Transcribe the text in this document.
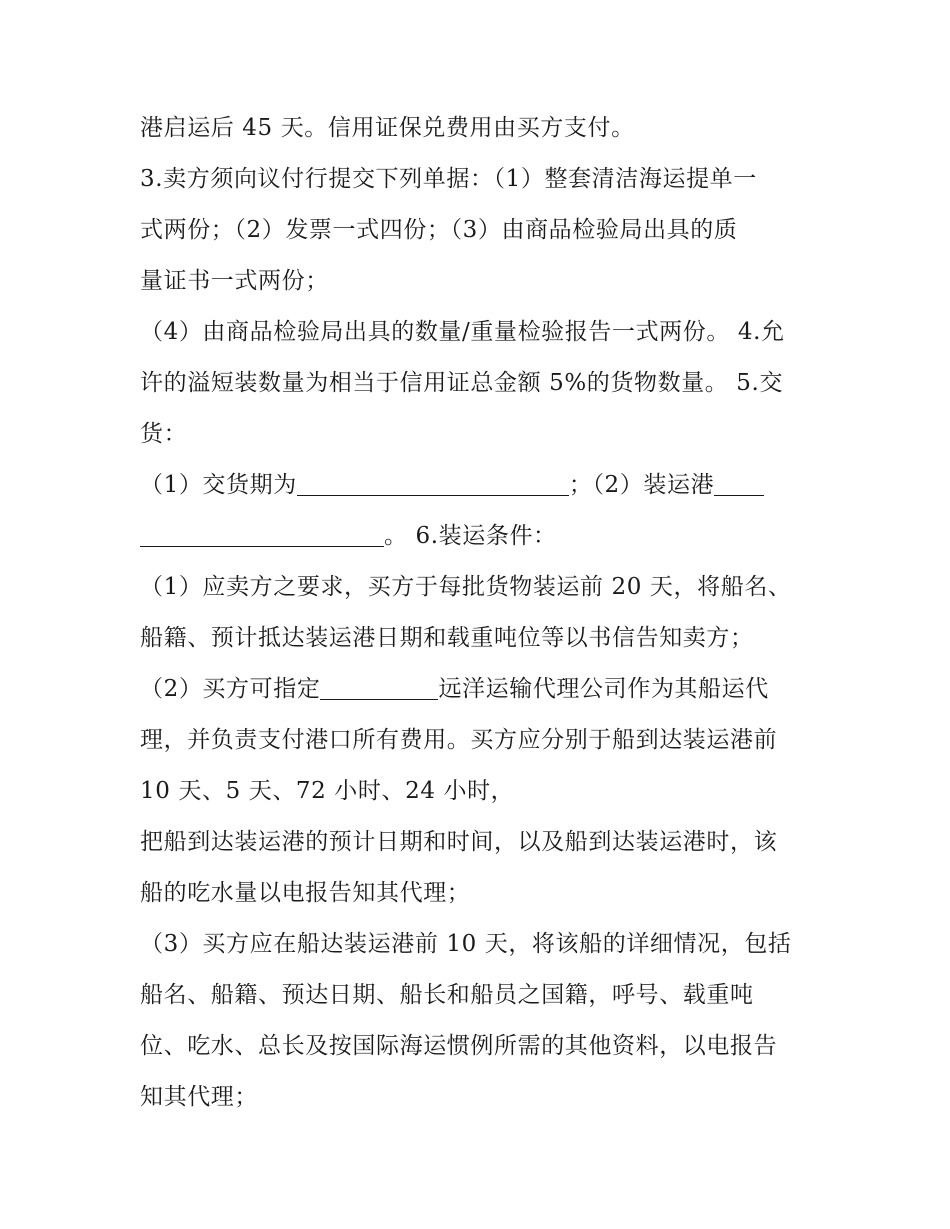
港启运后 45 天。信用证保兑费用由买方支付。
3.卖方须向议付行提交下列单据：（1）整套清洁海运提单一
式两份；（2）发票一式四份；（3）由商品检验局出具的质
量证书一式两份；
（4）由商品检验局出具的数量/重量检验报告一式两份。 4.允
许的溢短装数量为相当于信用证总金额 5%的货物数量。 5.交
货：
（1）交货期为	；（2）装运港
。 6.装运条件：
（1）应卖方之要求，买方于每批货物装运前 20 天，将船名、
船籍、预计抵达装运港日期和载重吨位等以书信告知卖方；
（2）买方可指定	远洋运输代理公司作为其船运代
理，并负责支付港口所有费用。买方应分别于船到达装运港前
10 天、5 天、72 小时、24 小时，
把船到达装运港的预计日期和时间，以及船到达装运港时，该
船的吃水量以电报告知其代理；
（3）买方应在船达装运港前 10 天，将该船的详细情况，包括
船名、船籍、预达日期、船长和船员之国籍，呼号、载重吨
位、吃水、总长及按国际海运惯例所需的其他资料，以电报告
知其代理；
